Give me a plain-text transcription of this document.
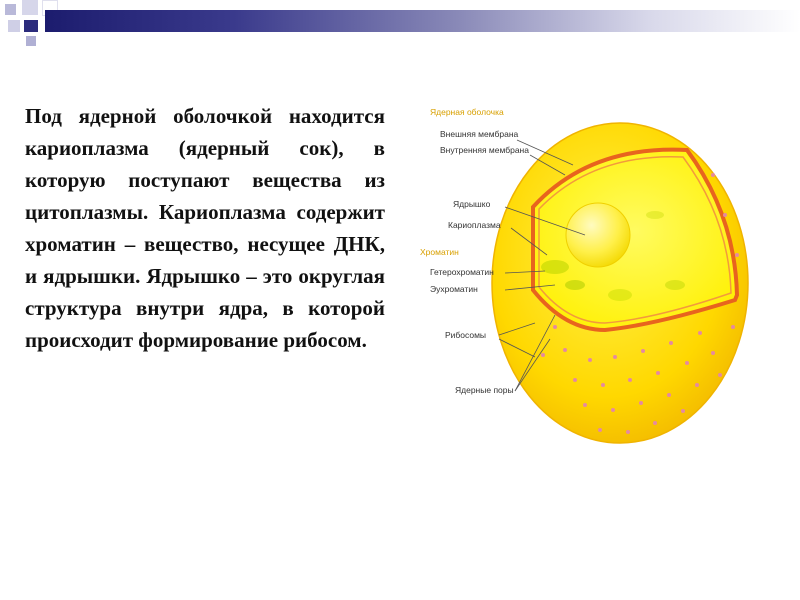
Под ядерной оболочкой находится кариоплазма (ядерный сок), в которую поступают вещества из цитоплазмы. Кариоплазма содержит хроматин – вещество, несущее ДНК, и ядрышки. Ядрышко – это округлая структура внутри ядра, в которой происходит формирование рибосом.
Ядерная оболочка
Внешняя мембрана
Внутренняя мембрана
Ядрышко
Кариоплазма
Хроматин
Гетерохроматин
Эухроматин
Рибосомы
Ядерные поры
